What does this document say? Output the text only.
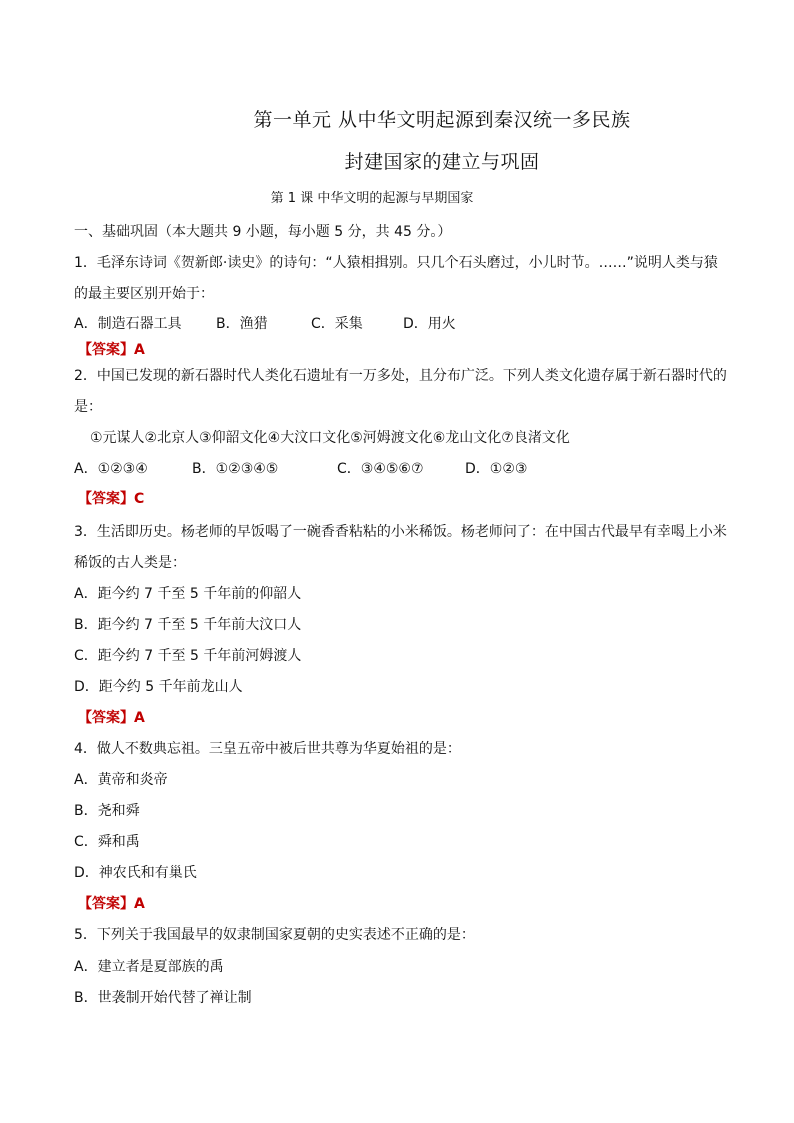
第一单元 从中华文明起源到秦汉统一多民族
封建国家的建立与巩固
第 1 课 中华文明的起源与早期国家
一、基础巩固（本大题共 9 小题，每小题 5 分，共 45 分。）
1．毛泽东诗词《贺新郎·读史》的诗句：“人猿相揖别。只几个石头磨过，小儿时节。……”说明人类与猿
的最主要区别开始于：
A．制造石器工具 B．渔猎	C．采集	D．用火
【答案】A
2．中国已发现的新石器时代人类化石遗址有一万多处，且分布广泛。下列人类文化遗存属于新石器时代的
是：
①元谋人②北京人③仰韶文化④大汶口文化⑤河姆渡文化⑥龙山文化⑦良渚文化
A．①②③④	B．①②③④⑤	C．③④⑤⑥⑦	D．①②③
【答案】C
3．生活即历史。杨老师的早饭喝了一碗香香粘粘的小米稀饭。杨老师问了：在中国古代最早有幸喝上小米
稀饭的古人类是：
A．距今约 7 千至 5 千年前的仰韶人
B．距今约 7 千至 5 千年前大汶口人
C．距今约 7 千至 5 千年前河姆渡人
D．距今约 5 千年前龙山人
【答案】A
4．做人不数典忘祖。三皇五帝中被后世共尊为华夏始祖的是：
A．黄帝和炎帝
B．尧和舜
C．舜和禹
D．神农氏和有巢氏
【答案】A
5．下列关于我国最早的奴隶制国家夏朝的史实表述不正确的是：
A．建立者是夏部族的禹
B．世袭制开始代替了禅让制
